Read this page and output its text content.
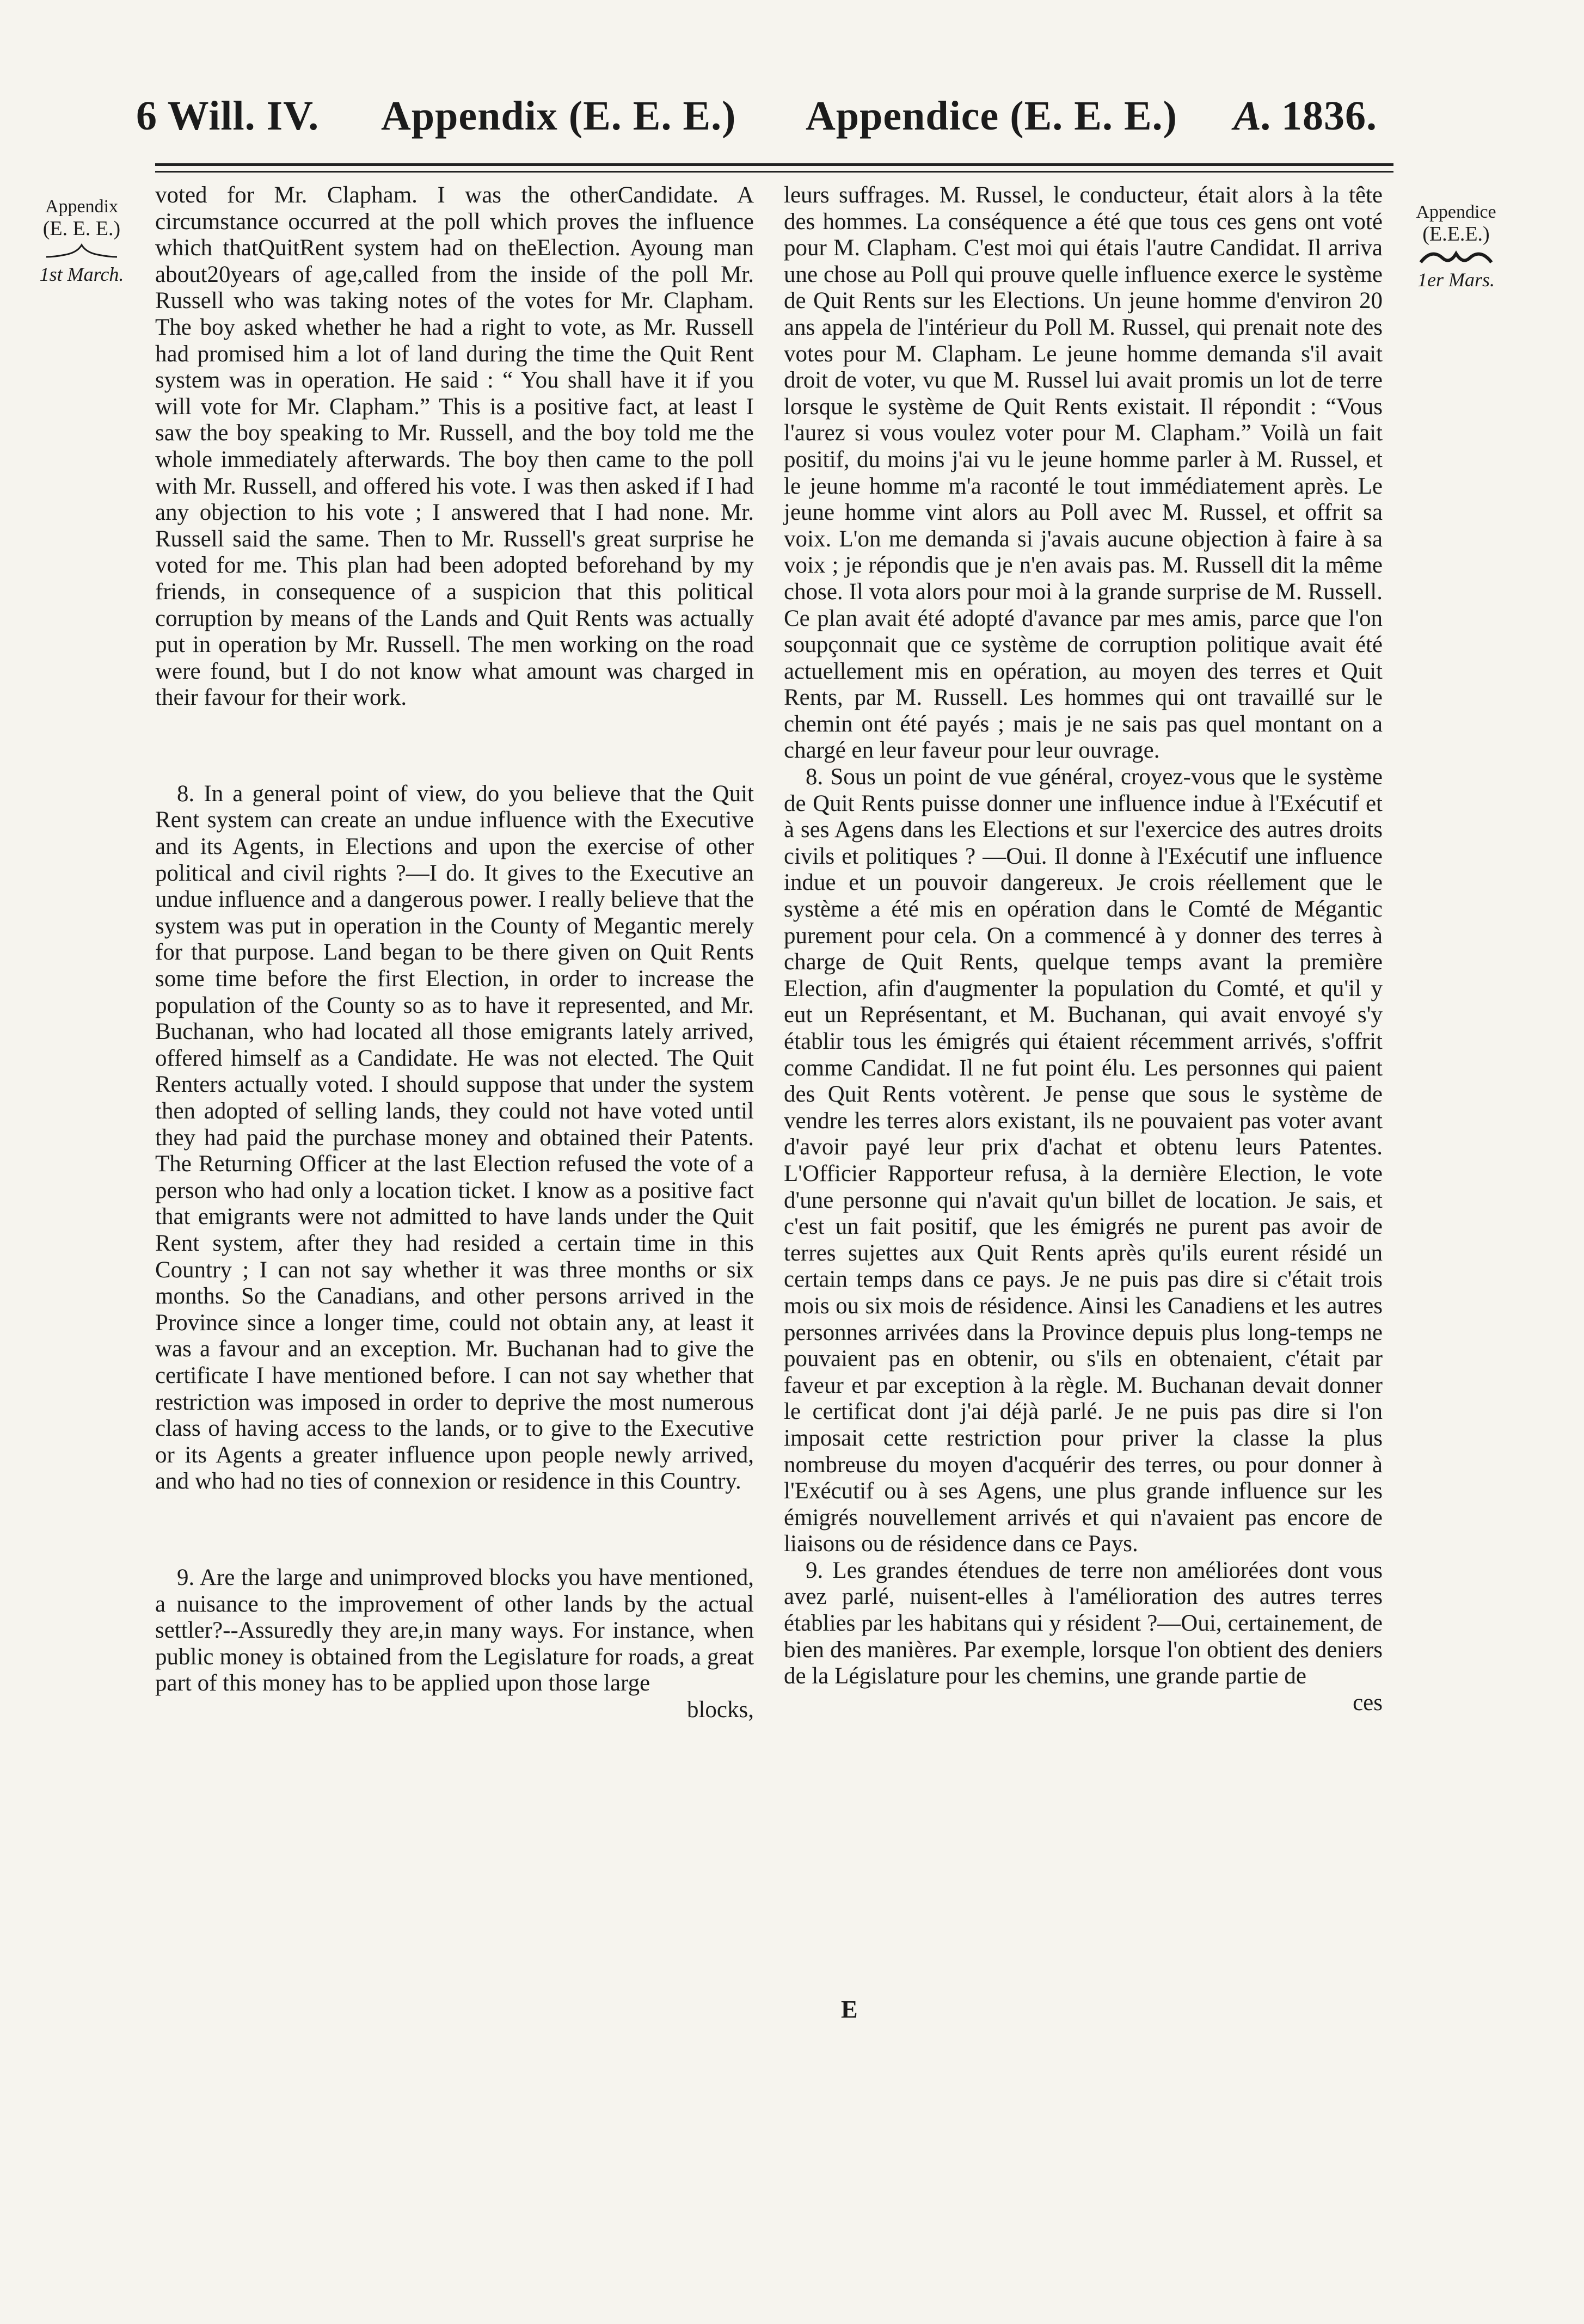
6 Will. IV. Appendix (E. E. E.) Appendice (E. E. E.) A. 1836.
Appendix
(E. E. E.)
1st March.
Appendice
(E.E.E.)
1er Mars.

voted for Mr. Clapham. I was the otherCandidate. A circumstance occurred at the poll which proves the influence which thatQuitRent system had on theElection. Ayoung man about20years of age,called from the inside of the poll Mr. Russell who was taking notes of the votes for Mr. Clapham. The boy asked whether he had a right to vote, as Mr. Russell had promised him a lot of land during the time the Quit Rent system was in operation. He said : “ You shall have it if you will vote for Mr. Clapham.” This is a positive fact, at least I saw the boy speaking to Mr. Russell, and the boy told me the whole immediately afterwards. The boy then came to the poll with Mr. Russell, and offered his vote. I was then asked if I had any objection to his vote ; I answered that I had none. Mr. Russell said the same. Then to Mr. Russell's great surprise he voted for me. This plan had been adopted beforehand by my friends, in consequence of a suspicion that this political corruption by means of the Lands and Quit Rents was actually put in operation by Mr. Russell. The men working on the road were found, but I do not know what amount was charged in their favour for their work.

8. In a general point of view, do you believe that the Quit Rent system can create an undue influence with the Executive and its Agents, in Elections and upon the exercise of other political and civil rights ?—I do. It gives to the Executive an undue influence and a dangerous power. I really believe that the system was put in operation in the County of Megantic merely for that purpose. Land began to be there given on Quit Rents some time before the first Election, in order to increase the population of the County so as to have it represented, and Mr. Buchanan, who had located all those emigrants lately arrived, offered himself as a Candidate. He was not elected. The Quit Renters actually voted. I should suppose that under the system then adopted of selling lands, they could not have voted until they had paid the purchase money and obtained their Patents. The Returning Officer at the last Election refused the vote of a person who had only a location ticket. I know as a positive fact that emigrants were not admitted to have lands under the Quit Rent system, after they had resided a certain time in this Country ; I can not say whether it was three months or six months. So the Canadians, and other persons arrived in the Province since a longer time, could not obtain any, at least it was a favour and an exception. Mr. Buchanan had to give the certificate I have mentioned before. I can not say whether that restriction was imposed in order to deprive the most numerous class of having access to the lands, or to give to the Executive or its Agents a greater influence upon people newly arrived, and who had no ties of connexion or residence in this Country.

9. Are the large and unimproved blocks you have mentioned, a nuisance to the improvement of other lands by the actual settler?--Assuredly they are,in many ways. For instance, when public money is obtained from the Legislature for roads, a great part of this money has to be applied upon those large

blocks,

leurs suffrages. M. Russel, le conducteur, était alors à la tête des hommes. La conséquence a été que tous ces gens ont voté pour M. Clapham. C'est moi qui étais l'autre Candidat. Il arriva une chose au Poll qui prouve quelle influence exerce le système de Quit Rents sur les Elections. Un jeune homme d'environ 20 ans appela de l'intérieur du Poll M. Russel, qui prenait note des votes pour M. Clapham. Le jeune homme demanda s'il avait droit de voter, vu que M. Russel lui avait promis un lot de terre lorsque le système de Quit Rents existait. Il répondit : “Vous l'aurez si vous voulez voter pour M. Clapham.” Voilà un fait positif, du moins j'ai vu le jeune homme parler à M. Russel, et le jeune homme m'a raconté le tout immédiatement après. Le jeune homme vint alors au Poll avec M. Russel, et offrit sa voix. L'on me demanda si j'avais aucune objection à faire à sa voix ; je répondis que je n'en avais pas. M. Russell dit la même chose. Il vota alors pour moi à la grande surprise de M. Russell. Ce plan avait été adopté d'avance par mes amis, parce que l'on soupçonnait que ce système de corruption politique avait été actuellement mis en opération, au moyen des terres et Quit Rents, par M. Russell. Les hommes qui ont travaillé sur le chemin ont été payés ; mais je ne sais pas quel montant on a chargé en leur faveur pour leur ouvrage.

8. Sous un point de vue général, croyez-vous que le système de Quit Rents puisse donner une influence indue à l'Exécutif et à ses Agens dans les Elections et sur l'exercice des autres droits civils et politiques ? —Oui. Il donne à l'Exécutif une influence indue et un pouvoir dangereux. Je crois réellement que le système a été mis en opération dans le Comté de Mégantic purement pour cela. On a commencé à y donner des terres à charge de Quit Rents, quelque temps avant la première Election, afin d'augmenter la population du Comté, et qu'il y eut un Représentant, et M. Buchanan, qui avait envoyé s'y établir tous les émigrés qui étaient récemment arrivés, s'offrit comme Candidat. Il ne fut point élu. Les personnes qui paient des Quit Rents votèrent. Je pense que sous le système de vendre les terres alors existant, ils ne pouvaient pas voter avant d'avoir payé leur prix d'achat et obtenu leurs Patentes. L'Officier Rapporteur refusa, à la dernière Election, le vote d'une personne qui n'avait qu'un billet de location. Je sais, et c'est un fait positif, que les émigrés ne purent pas avoir de terres sujettes aux Quit Rents après qu'ils eurent résidé un certain temps dans ce pays. Je ne puis pas dire si c'était trois mois ou six mois de résidence. Ainsi les Canadiens et les autres personnes arrivées dans la Province depuis plus long-temps ne pouvaient pas en obtenir, ou s'ils en obtenaient, c'était par faveur et par exception à la règle. M. Buchanan devait donner le certificat dont j'ai déjà parlé. Je ne puis pas dire si l'on imposait cette restriction pour priver la classe la plus nombreuse du moyen d'acquérir des terres, ou pour donner à l'Exécutif ou à ses Agens, une plus grande influence sur les émigrés nouvellement arrivés et qui n'avaient pas encore de liaisons ou de résidence dans ce Pays.

9. Les grandes étendues de terre non améliorées dont vous avez parlé, nuisent-elles à l'amélioration des autres terres établies par les habitans qui y résident ?—Oui, certainement, de bien des manières. Par exemple, lorsque l'on obtient des deniers de la Législature pour les chemins, une grande partie de

ces

E
